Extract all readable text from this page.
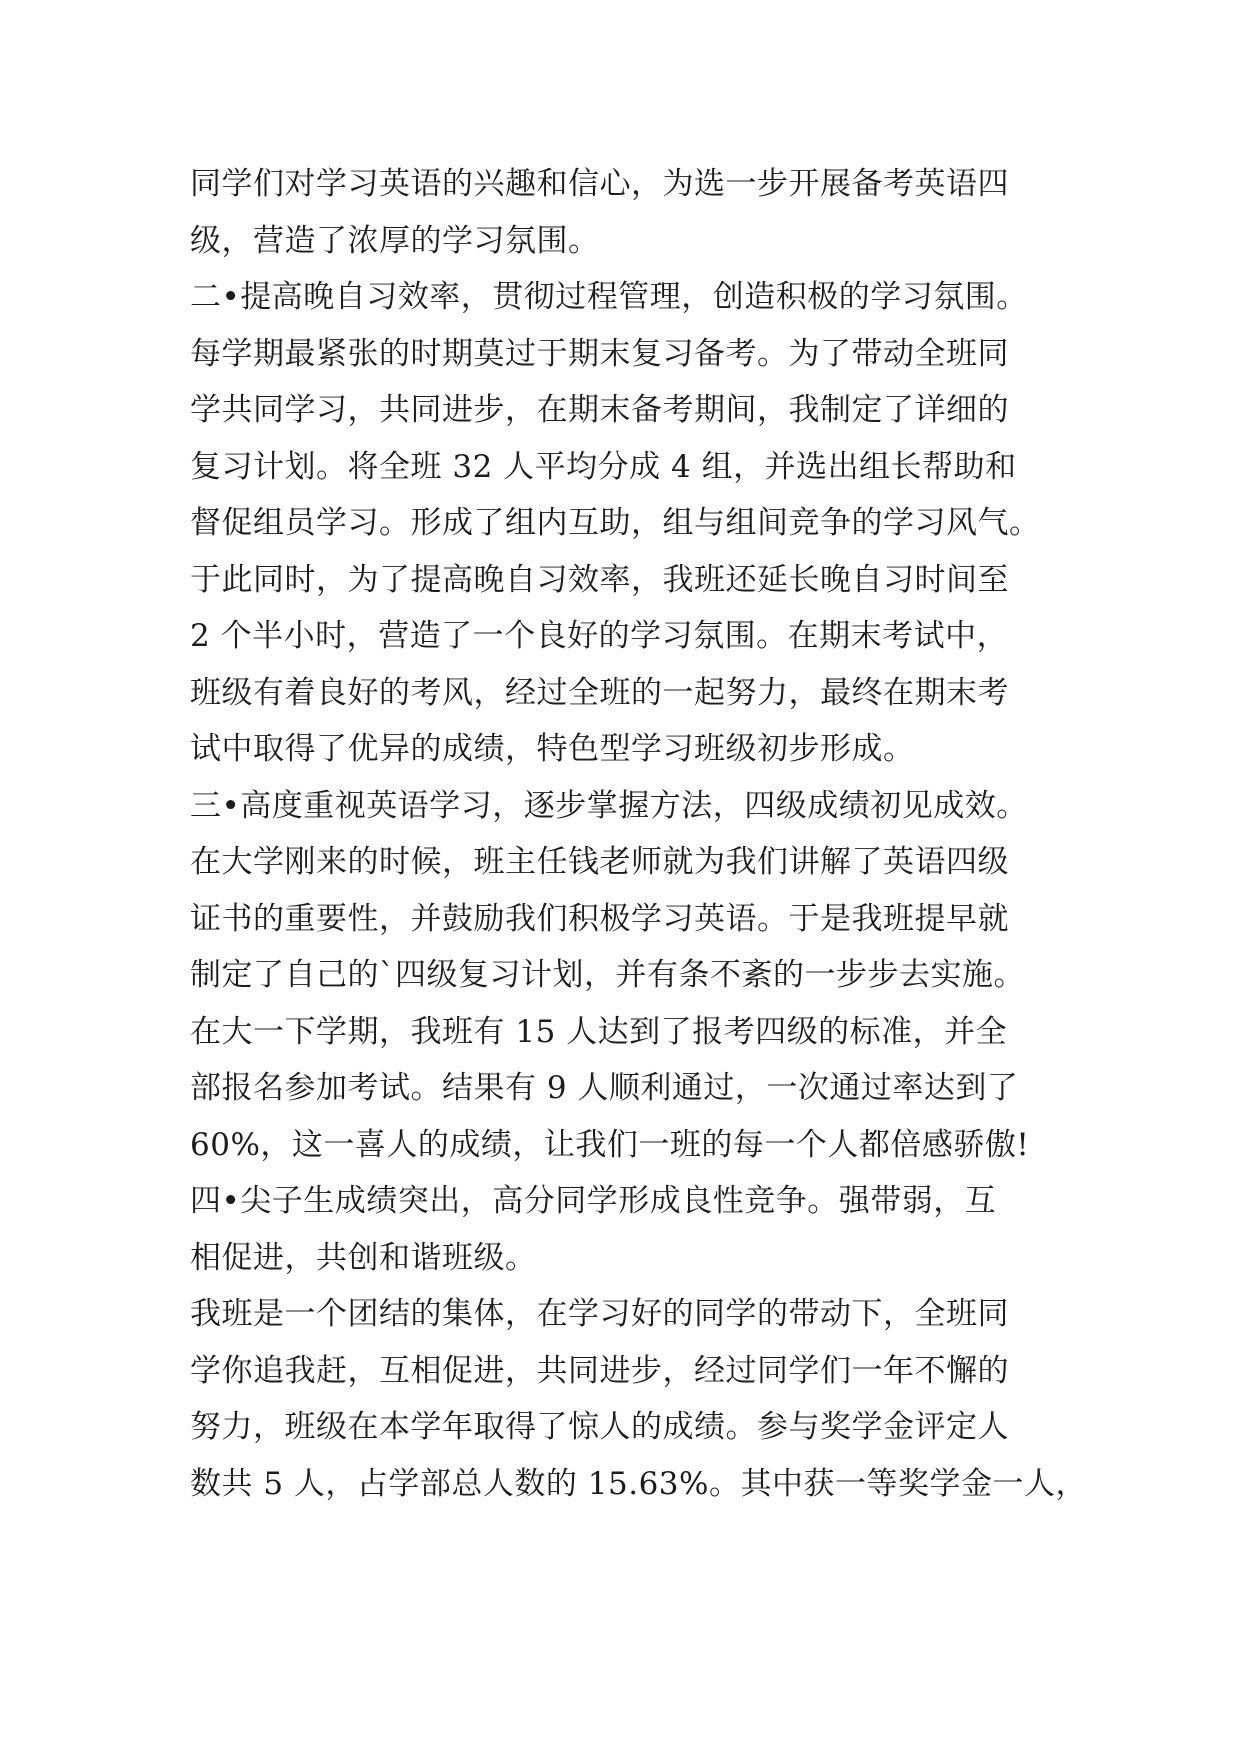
同学们对学习英语的兴趣和信心，为选一步开展备考英语四
级，营造了浓厚的学习氛围。
二•提高晚自习效率，贯彻过程管理，创造积极的学习氛围。
每学期最紧张的时期莫过于期末复习备考。为了带动全班同
学共同学习，共同进步，在期末备考期间，我制定了详细的
复习计划。将全班 32 人平均分成 4 组，并选出组长帮助和
督促组员学习。形成了组内互助，组与组间竞争的学习风气。
于此同时，为了提高晚自习效率，我班还延长晚自习时间至
2 个半小时，营造了一个良好的学习氛围。在期末考试中，
班级有着良好的考风，经过全班的一起努力，最终在期末考
试中取得了优异的成绩，特色型学习班级初步形成。
三•高度重视英语学习，逐步掌握方法，四级成绩初见成效。
在大学刚来的时候，班主任钱老师就为我们讲解了英语四级
证书的重要性，并鼓励我们积极学习英语。于是我班提早就
制定了自己的`四级复习计划，并有条不紊的一步步去实施。
在大一下学期，我班有 15 人达到了报考四级的标准，并全
部报名参加考试。结果有 9 人顺利通过，一次通过率达到了
60%，这一喜人的成绩，让我们一班的每一个人都倍感骄傲!
四•尖子生成绩突出，高分同学形成良性竞争。强带弱，互
相促进，共创和谐班级。
我班是一个团结的集体，在学习好的同学的带动下，全班同
学你追我赶，互相促进，共同进步，经过同学们一年不懈的
努力，班级在本学年取得了惊人的成绩。参与奖学金评定人
数共 5 人，占学部总人数的 15.63%。其中获一等奖学金一人，
